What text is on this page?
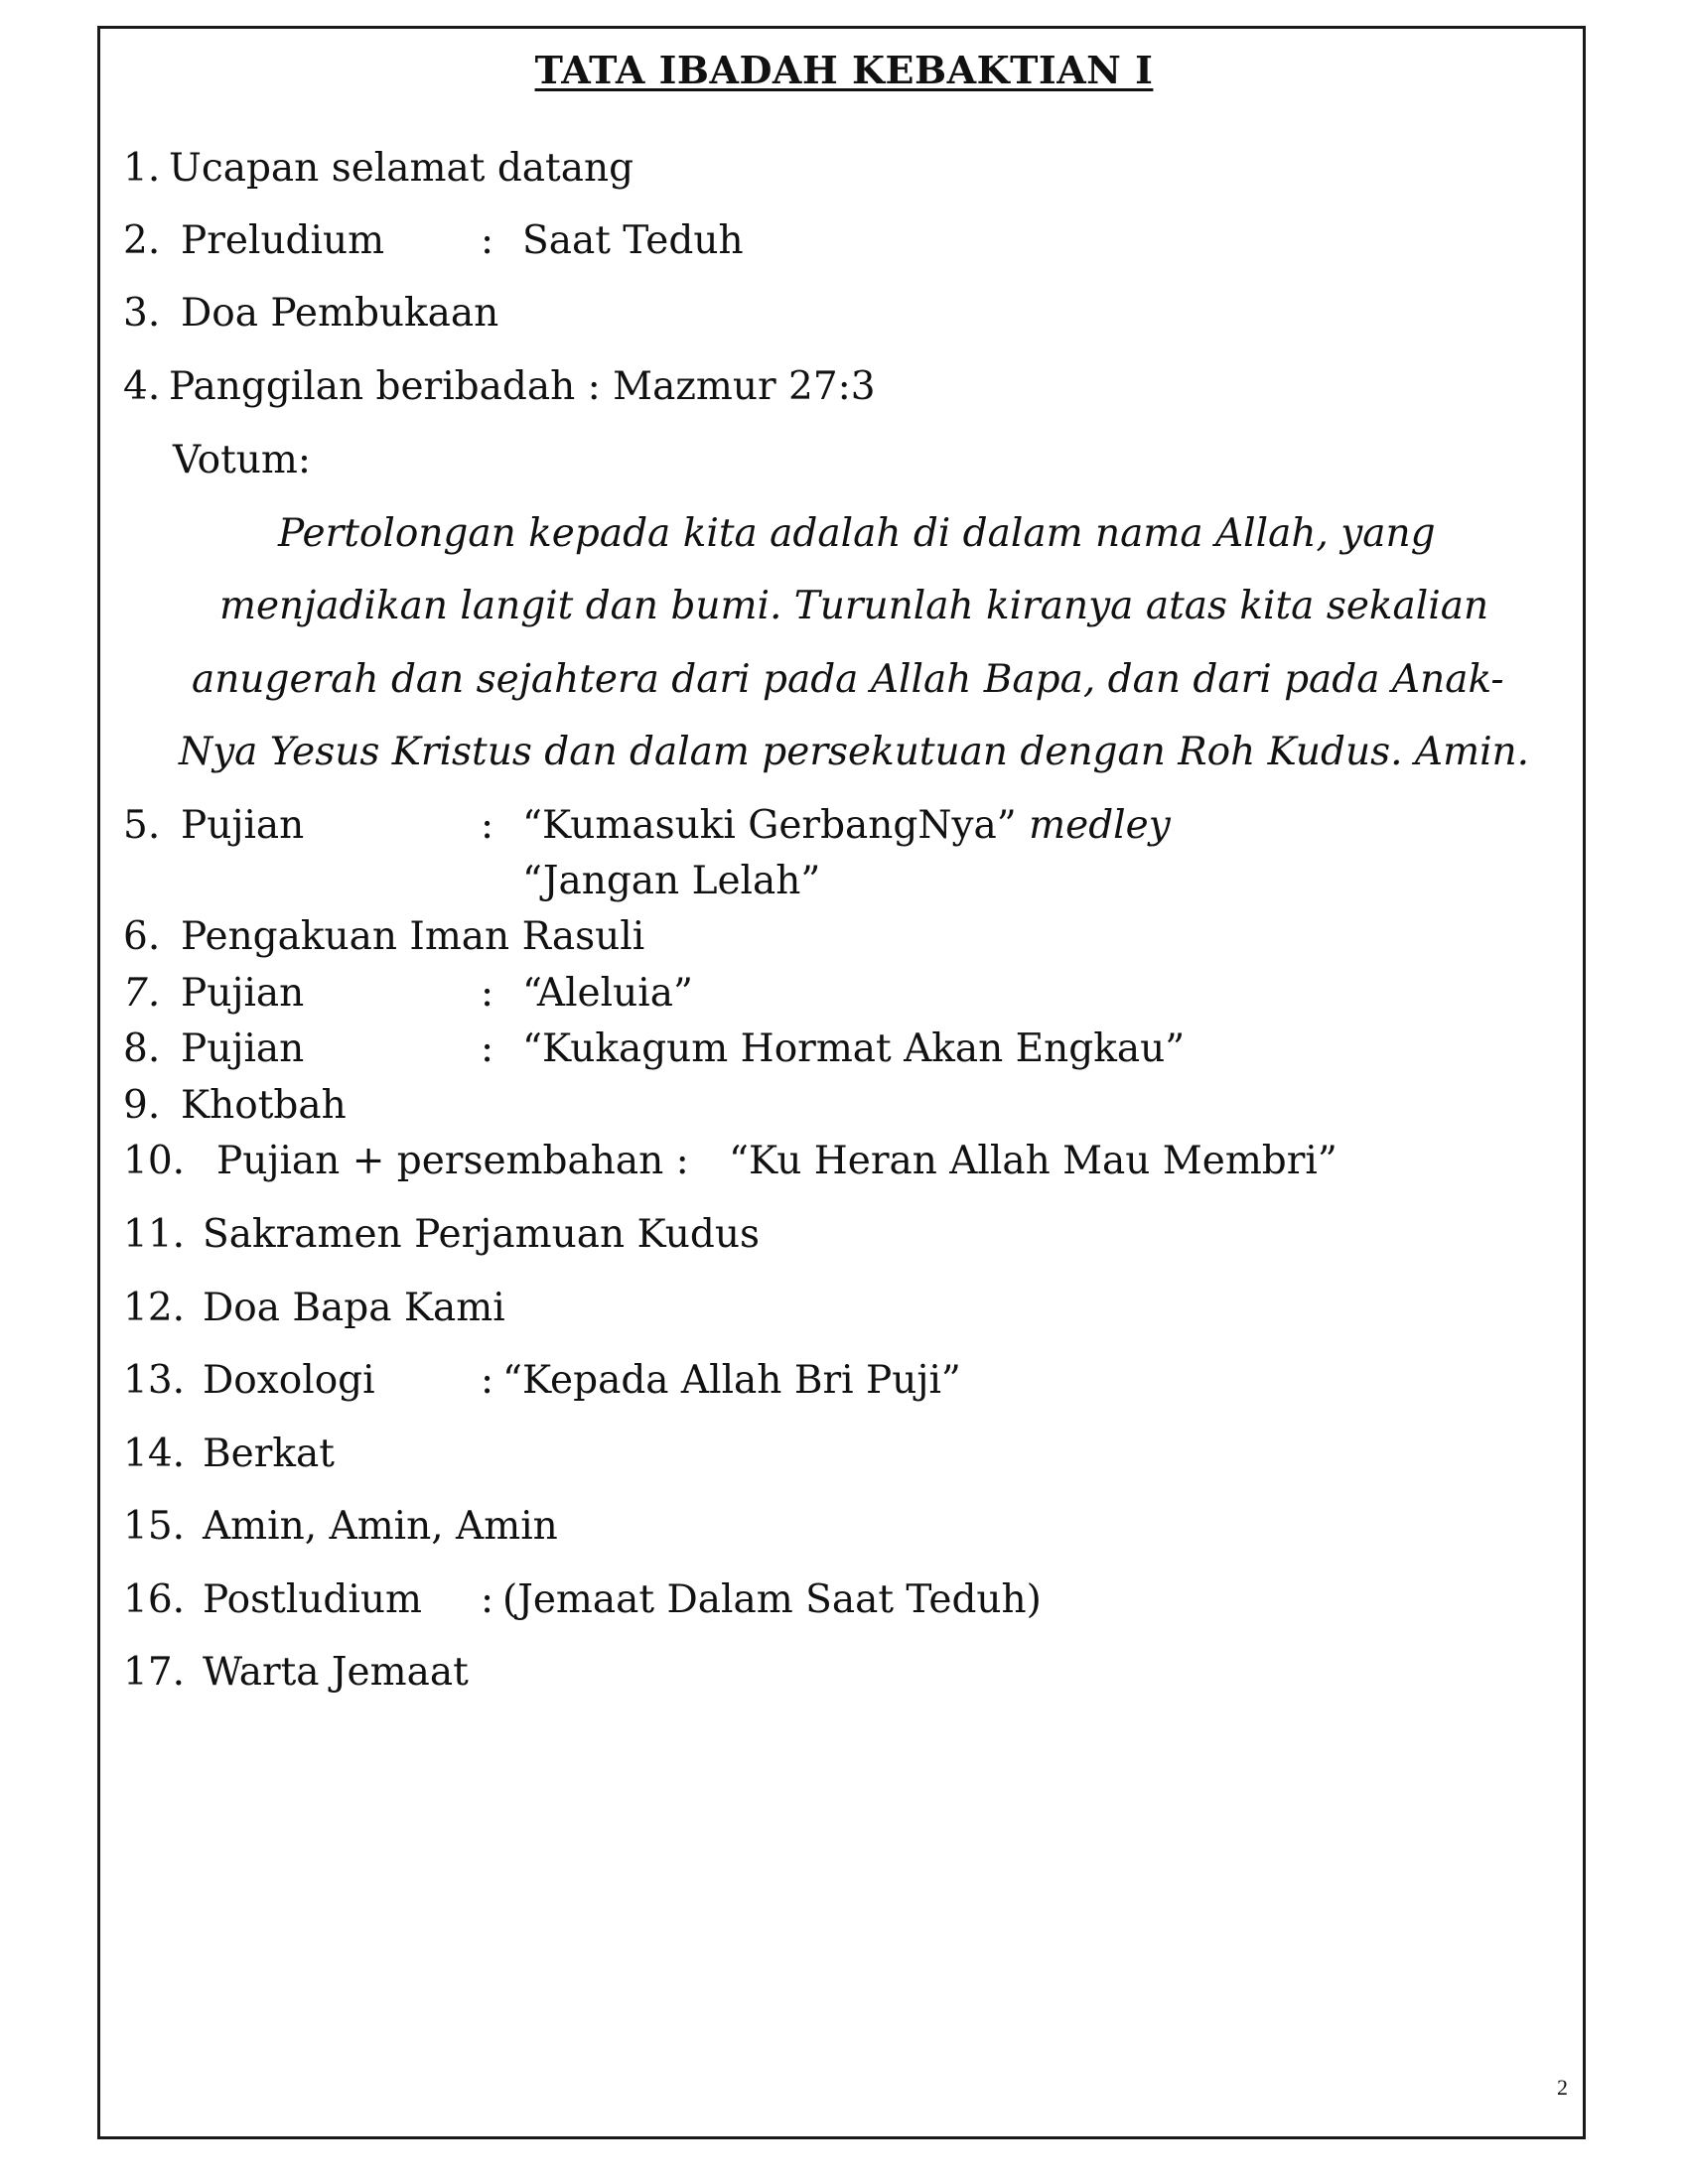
TATA IBADAH KEBAKTIAN I
1. Ucapan selamat datang
2. Preludium : Saat Teduh
3. Doa Pembukaan
4. Panggilan beribadah : Mazmur 27:3
Votum:
Pertolongan kepada kita adalah di dalam nama Allah, yang
menjadikan langit dan bumi. Turunlah kiranya atas kita sekalian
anugerah dan sejahtera dari pada Allah Bapa, dan dari pada Anak-
Nya Yesus Kristus dan dalam persekutuan dengan Roh Kudus. Amin.
5. Pujian	: “Kumasuki GerbangNya” medley
“Jangan Lelah”
6. Pengakuan Iman Rasuli
7. Pujian	: “Aleluia”
8. Pujian	: “Kukagum Hormat Akan Engkau”
9. Khotbah
10. Pujian + persembahan : “Ku Heran Allah Mau Membri”
11. Sakramen Perjamuan Kudus
12. Doa Bapa Kami
13. Doxologi	: “Kepada Allah Bri Puji”
14. Berkat
15. Amin, Amin, Amin
16. Postludium : (Jemaat Dalam Saat Teduh)
17. Warta Jemaat
2
